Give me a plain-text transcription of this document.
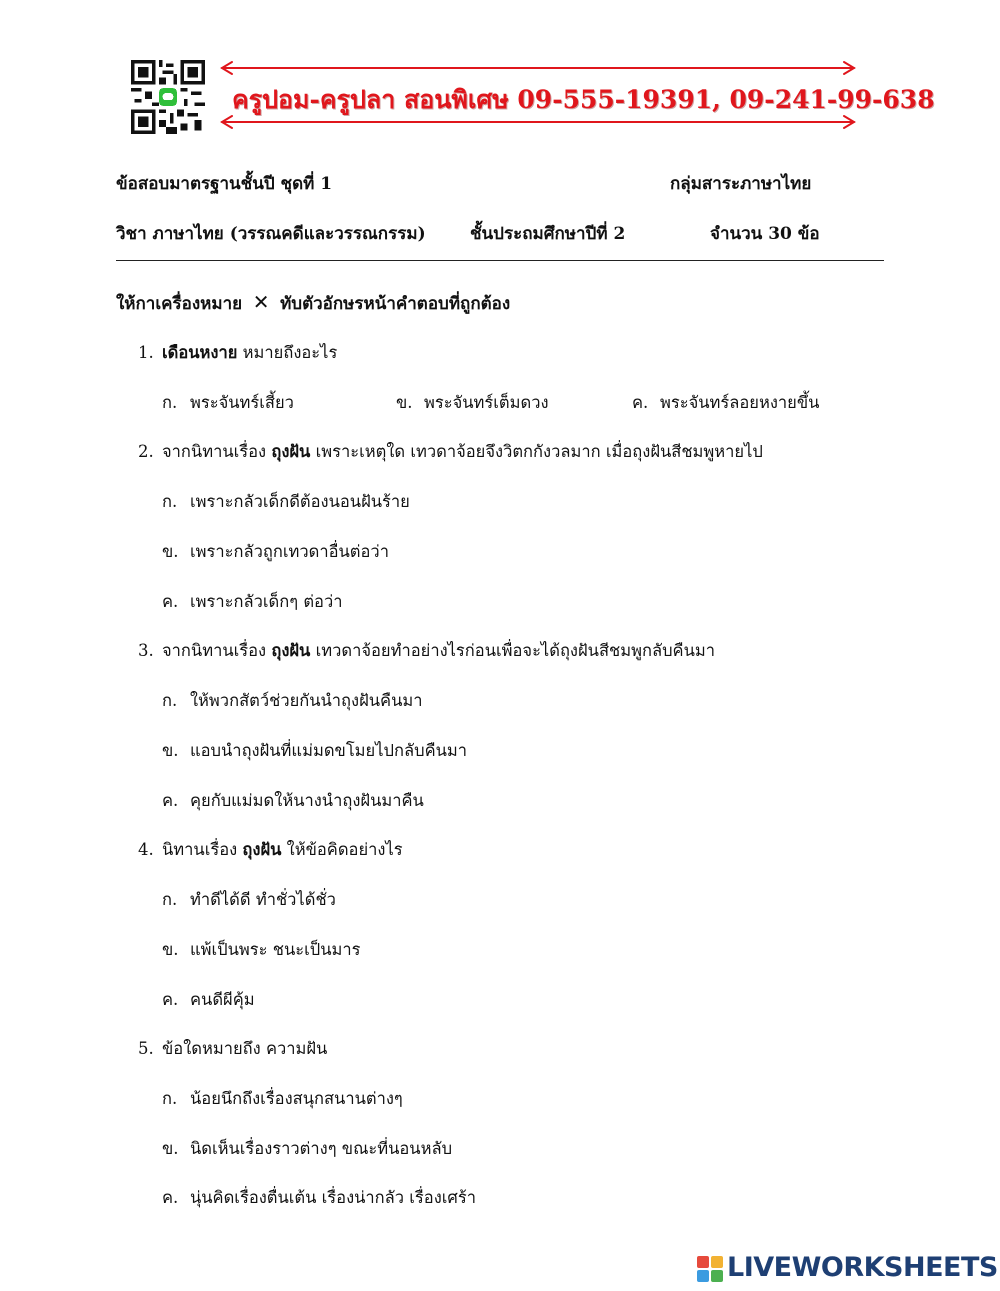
ครูปอม-ครูปลา สอนพิเศษ 09-555-19391, 09-241-99-638
ข้อสอบมาตรฐานชั้นปี ชุดที่ 1	กลุ่มสาระภาษาไทย
วิชา ภาษาไทย (วรรณคดีและวรรณกรรม)	ชั้นประถมศึกษาปีที่ 2	จำนวน 30 ข้อ
ให้กาเครื่องหมาย ✕ ทับตัวอักษรหน้าคำตอบที่ถูกต้อง
1. เดือนหงาย หมายถึงอะไร
ก. พระจันทร์เสี้ยว	ข. พระจันทร์เต็มดวง	ค. พระจันทร์ลอยหงายขึ้น
2. จากนิทานเรื่อง ถุงฝัน เพราะเหตุใด เทวดาจ้อยจึงวิตกกังวลมาก เมื่อถุงฝันสีชมพูหายไป
ก. เพราะกลัวเด็กดีต้องนอนฝันร้าย
ข. เพราะกลัวถูกเทวดาอื่นต่อว่า
ค. เพราะกลัวเด็กๆ ต่อว่า
3. จากนิทานเรื่อง ถุงฝัน เทวดาจ้อยทำอย่างไรก่อนเพื่อจะได้ถุงฝันสีชมพูกลับคืนมา
ก. ให้พวกสัตว์ช่วยกันนำถุงฝันคืนมา
ข. แอบนำถุงฝันที่แม่มดขโมยไปกลับคืนมา
ค. คุยกับแม่มดให้นางนำถุงฝันมาคืน
4. นิทานเรื่อง ถุงฝัน ให้ข้อคิดอย่างไร
ก. ทำดีได้ดี ทำชั่วได้ชั่ว
ข. แพ้เป็นพระ ชนะเป็นมาร
ค. คนดีผีคุ้ม
5. ข้อใดหมายถึง ความฝัน
ก. น้อยนึกถึงเรื่องสนุกสนานต่างๆ
ข. นิดเห็นเรื่องราวต่างๆ ขณะที่นอนหลับ
ค. นุ่นคิดเรื่องตื่นเต้น เรื่องน่ากลัว เรื่องเศร้า
LIVEWORKSHEETS
